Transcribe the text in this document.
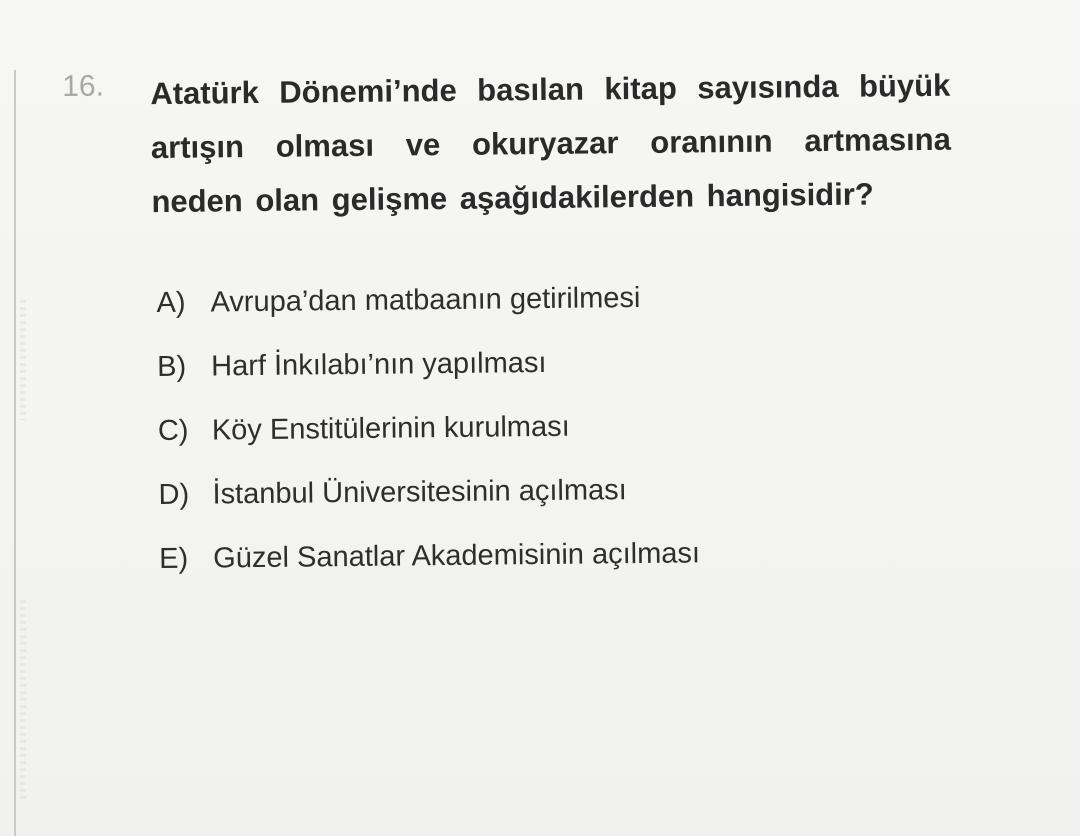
16. Atatürk Dönemi’nde basılan kitap sayısında büyük artışın olması ve okuryazar oranının artmasına neden olan gelişme aşağıdakilerden hangisidir?

A) Avrupa’dan matbaanın getirilmesi
B) Harf İnkılabı’nın yapılması
C) Köy Enstitülerinin kurulması
D) İstanbul Üniversitesinin açılması
E) Güzel Sanatlar Akademisinin açılması
